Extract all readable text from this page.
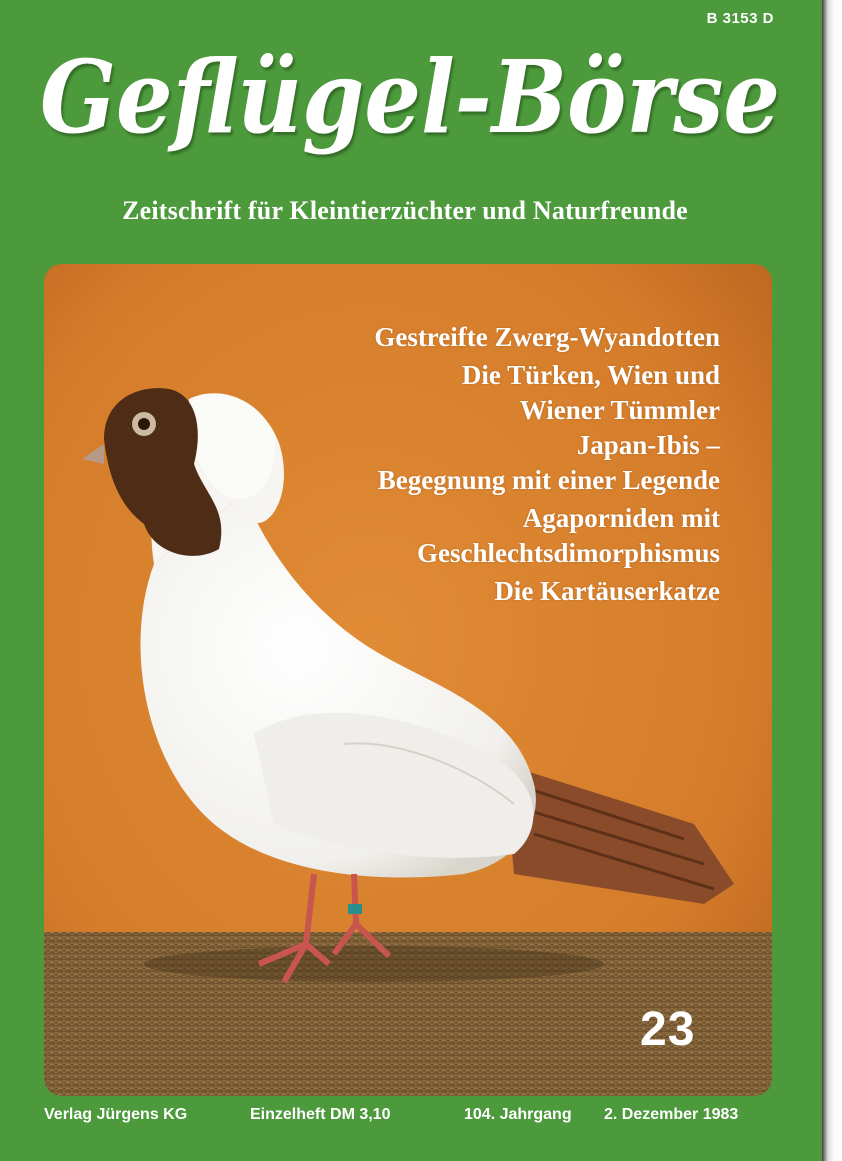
B 3153 D
Geflügel-Börse
Zeitschrift für Kleintierzüchter und Naturfreunde
Gestreifte Zwerg-Wyandotten
Die Türken, Wien und
Wiener Tümmler
Japan-Ibis –
Begegnung mit einer Legende
Agaporniden mit
Geschlechtsdimorphismus
Die Kartäuserkatze
23
Verlag Jürgens KG	Einzelheft DM 3,10	104. Jahrgang 2. Dezember 1983
